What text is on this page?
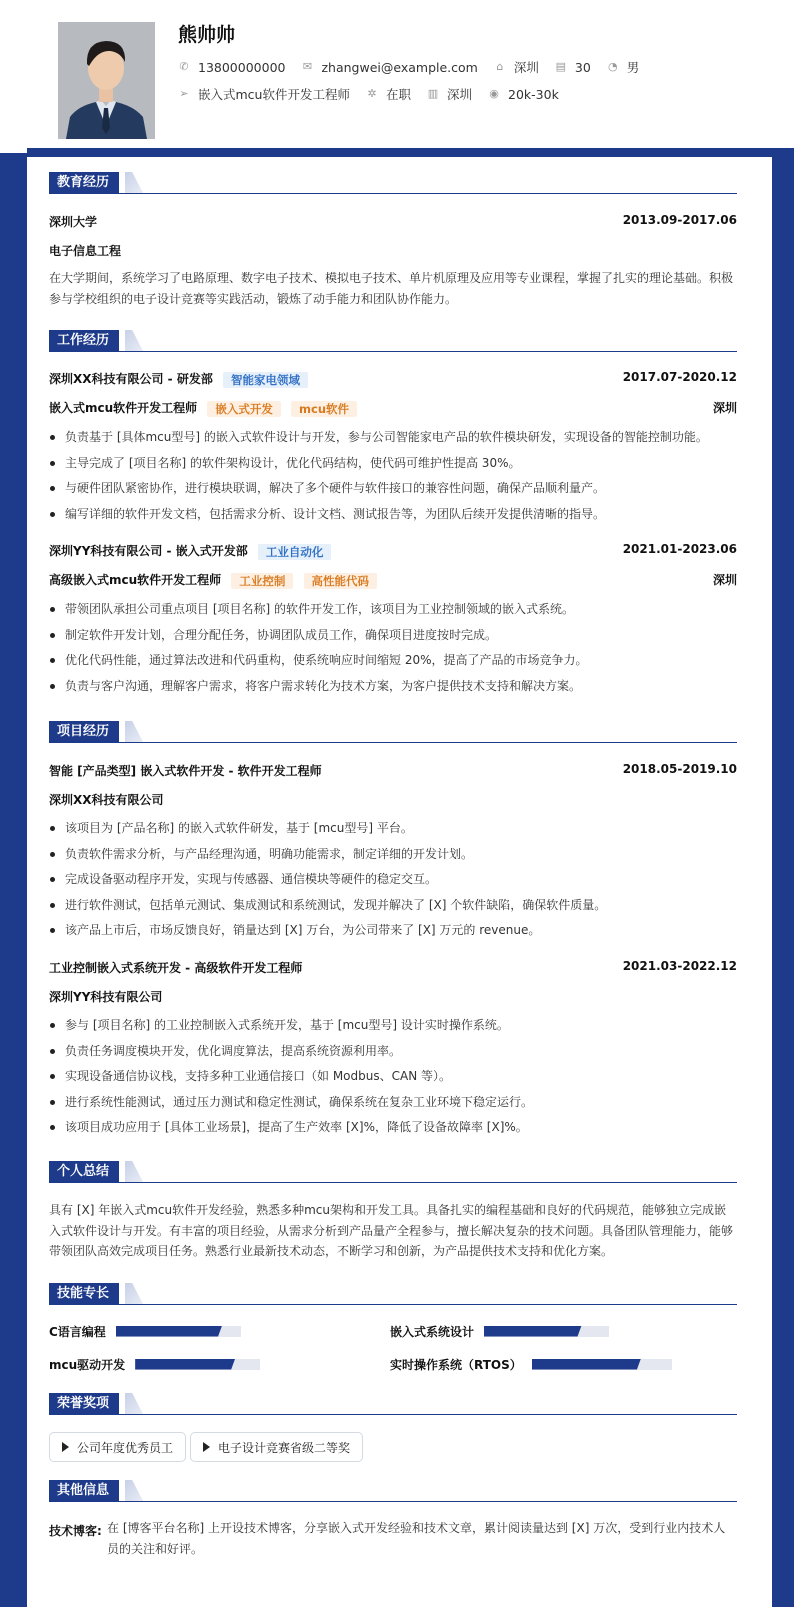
熊帅帅
✆ 13800000000 ✉ zhangwei@example.com ⌂ 深圳 ▤ 30 ◔ 男
➢ 嵌入式mcu软件开发工程师 ✲ 在职 ▥ 深圳 ◉ 20k-30k
教育经历
深圳大学	2013.09-2017.06
电子信息工程
在大学期间，系统学习了电路原理、数字电子技术、模拟电子技术、单片机原理及应用等专业课程，掌握了扎实的理论基础。积极参与学校组织的电子设计竞赛等实践活动，锻炼了动手能力和团队协作能力。
工作经历
深圳XX科技有限公司 - 研发部 智能家电领域	2017.07-2020.12
嵌入式mcu软件开发工程师 嵌入式开发 mcu软件	深圳
负责基于 [具体mcu型号] 的嵌入式软件设计与开发，参与公司智能家电产品的软件模块研发，实现设备的智能控制功能。
主导完成了 [项目名称] 的软件架构设计，优化代码结构，使代码可维护性提高 30%。
与硬件团队紧密协作，进行模块联调，解决了多个硬件与软件接口的兼容性问题，确保产品顺利量产。
编写详细的软件开发文档，包括需求分析、设计文档、测试报告等，为团队后续开发提供清晰的指导。
深圳YY科技有限公司 - 嵌入式开发部 工业自动化	2021.01-2023.06
高级嵌入式mcu软件开发工程师 工业控制 高性能代码	深圳
带领团队承担公司重点项目 [项目名称] 的软件开发工作，该项目为工业控制领域的嵌入式系统。
制定软件开发计划，合理分配任务，协调团队成员工作，确保项目进度按时完成。
优化代码性能，通过算法改进和代码重构，使系统响应时间缩短 20%，提高了产品的市场竞争力。
负责与客户沟通，理解客户需求，将客户需求转化为技术方案，为客户提供技术支持和解决方案。
项目经历
智能 [产品类型] 嵌入式软件开发 - 软件开发工程师	2018.05-2019.10
深圳XX科技有限公司
该项目为 [产品名称] 的嵌入式软件研发，基于 [mcu型号] 平台。
负责软件需求分析，与产品经理沟通，明确功能需求，制定详细的开发计划。
完成设备驱动程序开发，实现与传感器、通信模块等硬件的稳定交互。
进行软件测试，包括单元测试、集成测试和系统测试，发现并解决了 [X] 个软件缺陷，确保软件质量。
该产品上市后，市场反馈良好，销量达到 [X] 万台，为公司带来了 [X] 万元的 revenue。
工业控制嵌入式系统开发 - 高级软件开发工程师	2021.03-2022.12
深圳YY科技有限公司
参与 [项目名称] 的工业控制嵌入式系统开发，基于 [mcu型号] 设计实时操作系统。
负责任务调度模块开发，优化调度算法，提高系统资源利用率。
实现设备通信协议栈，支持多种工业通信接口（如 Modbus、CAN 等）。
进行系统性能测试，通过压力测试和稳定性测试，确保系统在复杂工业环境下稳定运行。
该项目成功应用于 [具体工业场景]，提高了生产效率 [X]%，降低了设备故障率 [X]%。
个人总结
具有 [X] 年嵌入式mcu软件开发经验，熟悉多种mcu架构和开发工具。具备扎实的编程基础和良好的代码规范，能够独立完成嵌入式软件设计与开发。有丰富的项目经验，从需求分析到产品量产全程参与，擅长解决复杂的技术问题。具备团队管理能力，能够带领团队高效完成项目任务。熟悉行业最新技术动态，不断学习和创新，为产品提供技术支持和优化方案。
技能专长
C语言编程	嵌入式系统设计
mcu驱动开发	实时操作系统（RTOS）
荣誉奖项
公司年度优秀员工	电子设计竞赛省级二等奖
其他信息
技术博客: 在 [博客平台名称] 上开设技术博客，分享嵌入式开发经验和技术文章，累计阅读量达到 [X] 万次，受到行业内技术人员的关注和好评。
